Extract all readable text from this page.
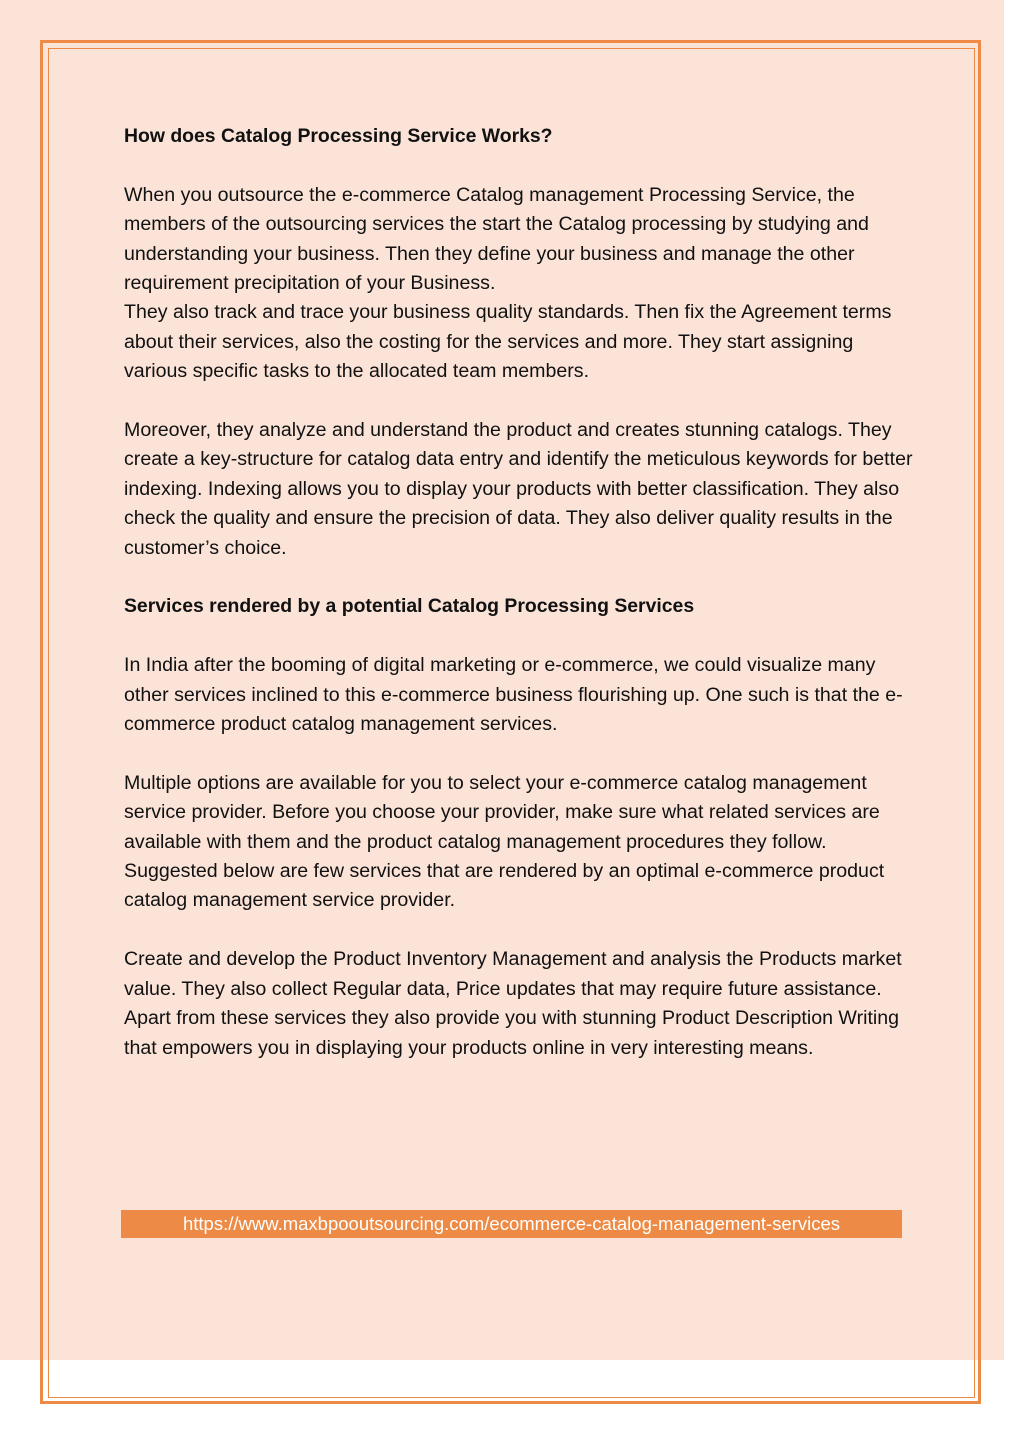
How does Catalog Processing Service Works?

When you outsource the e-commerce Catalog management Processing Service, the members of the outsourcing services the start the Catalog processing by studying and understanding your business. Then they define your business and manage the other requirement precipitation of your Business.

They also track and trace your business quality standards. Then fix the Agreement terms about their services, also the costing for the services and more. They start assigning various specific tasks to the allocated team members.

Moreover, they analyze and understand the product and creates stunning catalogs. They create a key-structure for catalog data entry and identify the meticulous keywords for better indexing. Indexing allows you to display your products with better classification. They also check the quality and ensure the precision of data. They also deliver quality results in the customer’s choice.

Services rendered by a potential Catalog Processing Services

In India after the booming of digital marketing or e-commerce, we could visualize many other services inclined to this e-commerce business flourishing up. One such is that the e-commerce product catalog management services.

Multiple options are available for you to select your e-commerce catalog management service provider. Before you choose your provider, make sure what related services are available with them and the product catalog management procedures they follow. Suggested below are few services that are rendered by an optimal e-commerce product catalog management service provider.

Create and develop the Product Inventory Management and analysis the Products market value. They also collect Regular data, Price updates that may require future assistance. Apart from these services they also provide you with stunning Product Description Writing that empowers you in displaying your products online in very interesting means.

https://www.maxbpooutsourcing.com/ecommerce-catalog-management-services
